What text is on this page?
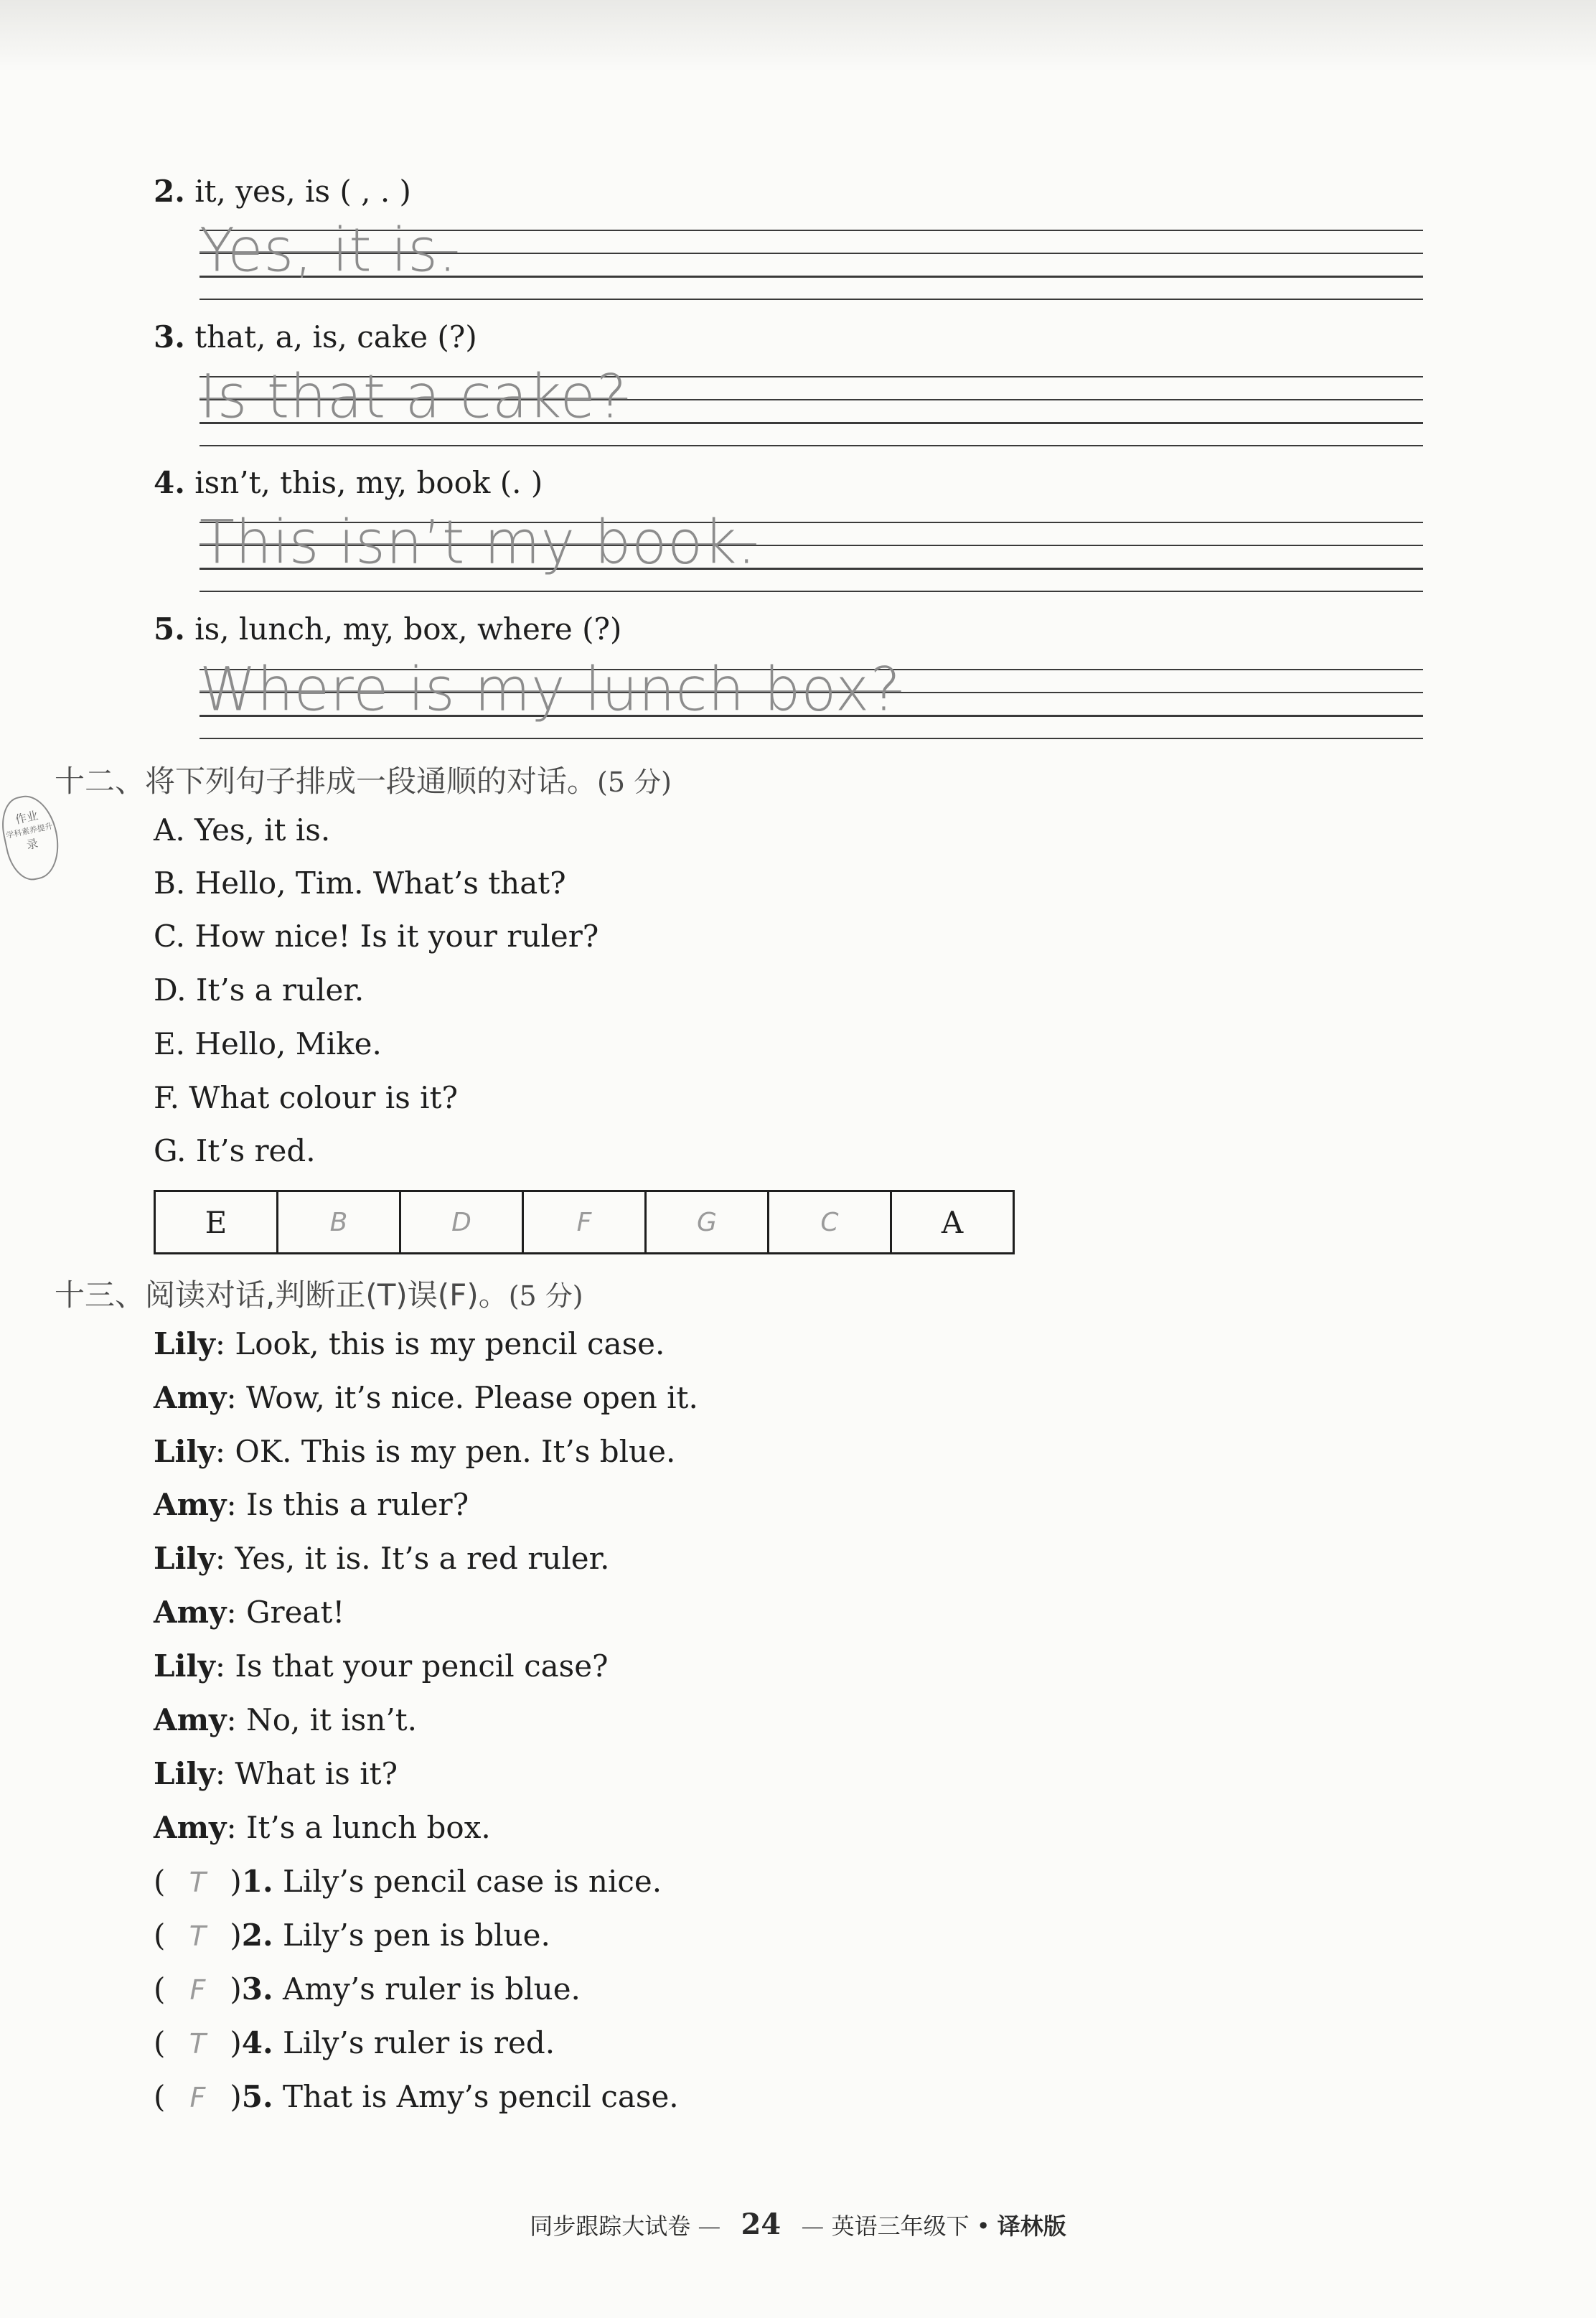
2. it, yes, is ( , . )
Yes, it is.
3. that, a, is, cake (?)
Is that a cake?
4. isn’t, this, my, book (. )
This isn’t my book.
5. is, lunch, my, box, where (?)
Where is my lunch box?
作业
学科素养提升
录
十二、将下列句子排成一段通顺的对话。(5 分)
A. Yes, it is.
B. Hello, Tim. What’s that?
C. How nice! Is it your ruler?
D. It’s a ruler.
E. Hello, Mike.
F. What colour is it?
G. It’s red.
E	B	D	F	G	C	A
十三、阅读对话,判断正(T)误(F)。(5 分)
Lily: Look, this is my pencil case.
Amy: Wow, it’s nice. Please open it.
Lily: OK. This is my pen. It’s blue.
Amy: Is this a ruler?
Lily: Yes, it is. It’s a red ruler.
Amy: Great!
Lily: Is that your pencil case?
Amy: No, it isn’t.
Lily: What is it?
Amy: It’s a lunch box.
( T )1. Lily’s pencil case is nice.
( T )2. Lily’s pen is blue.
( F )3. Amy’s ruler is blue.
( T )4. Lily’s ruler is red.
( F )5. That is Amy’s pencil case.
同步跟踪大试卷 — 24 — 英语三年级下 • 译林版
